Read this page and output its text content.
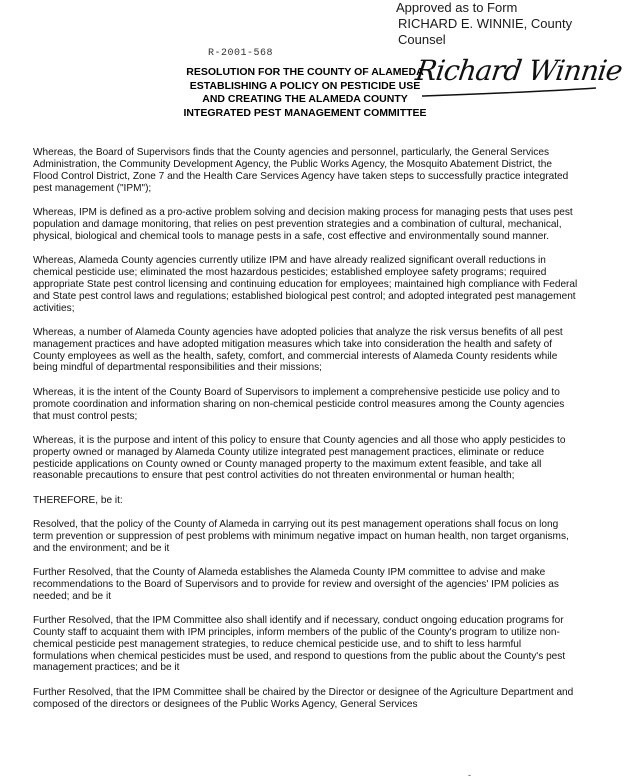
Approved as to Form
RICHARD E. WINNIE, County Counsel
Richard Winnie
R-2001-568
RESOLUTION FOR THE COUNTY OF ALAMEDA
ESTABLISHING A POLICY ON PESTICIDE USE
AND CREATING THE ALAMEDA COUNTY
INTEGRATED PEST MANAGEMENT COMMITTEE

Whereas, the Board of Supervisors finds that the County agencies and personnel, particularly, the General Services Administration, the Community Development Agency, the Public Works Agency, the Mosquito Abatement District, the Flood Control District, Zone 7 and the Health Care Services Agency have taken steps to successfully practice integrated pest management ("IPM");

Whereas, IPM is defined as a pro-active problem solving and decision making process for managing pests that uses pest population and damage monitoring, that relies on pest prevention strategies and a combination of cultural, mechanical, physical, biological and chemical tools to manage pests in a safe, cost effective and environmentally sound manner.

Whereas, Alameda County agencies currently utilize IPM and have already realized significant overall reductions in chemical pesticide use; eliminated the most hazardous pesticides; established employee safety programs; required appropriate State pest control licensing and continuing education for employees; maintained high compliance with Federal and State pest control laws and regulations; established biological pest control; and adopted integrated pest management activities;

Whereas, a number of Alameda County agencies have adopted policies that analyze the risk versus benefits of all pest management practices and have adopted mitigation measures which take into consideration the health and safety of County employees as well as the health, safety, comfort, and commercial interests of Alameda County residents while being mindful of departmental responsibilities and their missions;

Whereas, it is the intent of the County Board of Supervisors to implement a comprehensive pesticide use policy and to promote coordination and information sharing on non-chemical pesticide control measures among the County agencies that must control pests;

Whereas, it is the purpose and intent of this policy to ensure that County agencies and all those who apply pesticides to property owned or managed by Alameda County utilize integrated pest management practices, eliminate or reduce pesticide applications on County owned or County managed property to the maximum extent feasible, and take all reasonable precautions to ensure that pest control activities do not threaten environmental or human health;

THEREFORE, be it:

Resolved, that the policy of the County of Alameda in carrying out its pest management operations shall focus on long term prevention or suppression of pest problems with minimum negative impact on human health, non target organisms, and the environment; and be it

Further Resolved, that the County of Alameda establishes the Alameda County IPM committee to advise and make recommendations to the Board of Supervisors and to provide for review and oversight of the agencies' IPM policies as needed; and be it

Further Resolved, that the IPM Committee also shall identify and if necessary, conduct ongoing education programs for County staff to acquaint them with IPM principles, inform members of the public of the County's program to utilize non-chemical pesticide pest management strategies, to reduce chemical pesticide use, and to shift to less harmful formulations when chemical pesticides must be used, and respond to questions from the public about the County's pest management practices; and be it

Further Resolved, that the IPM Committee shall be chaired by the Director or designee of the Agriculture Department and composed of the directors or designees of the Public Works Agency, General Services

-
